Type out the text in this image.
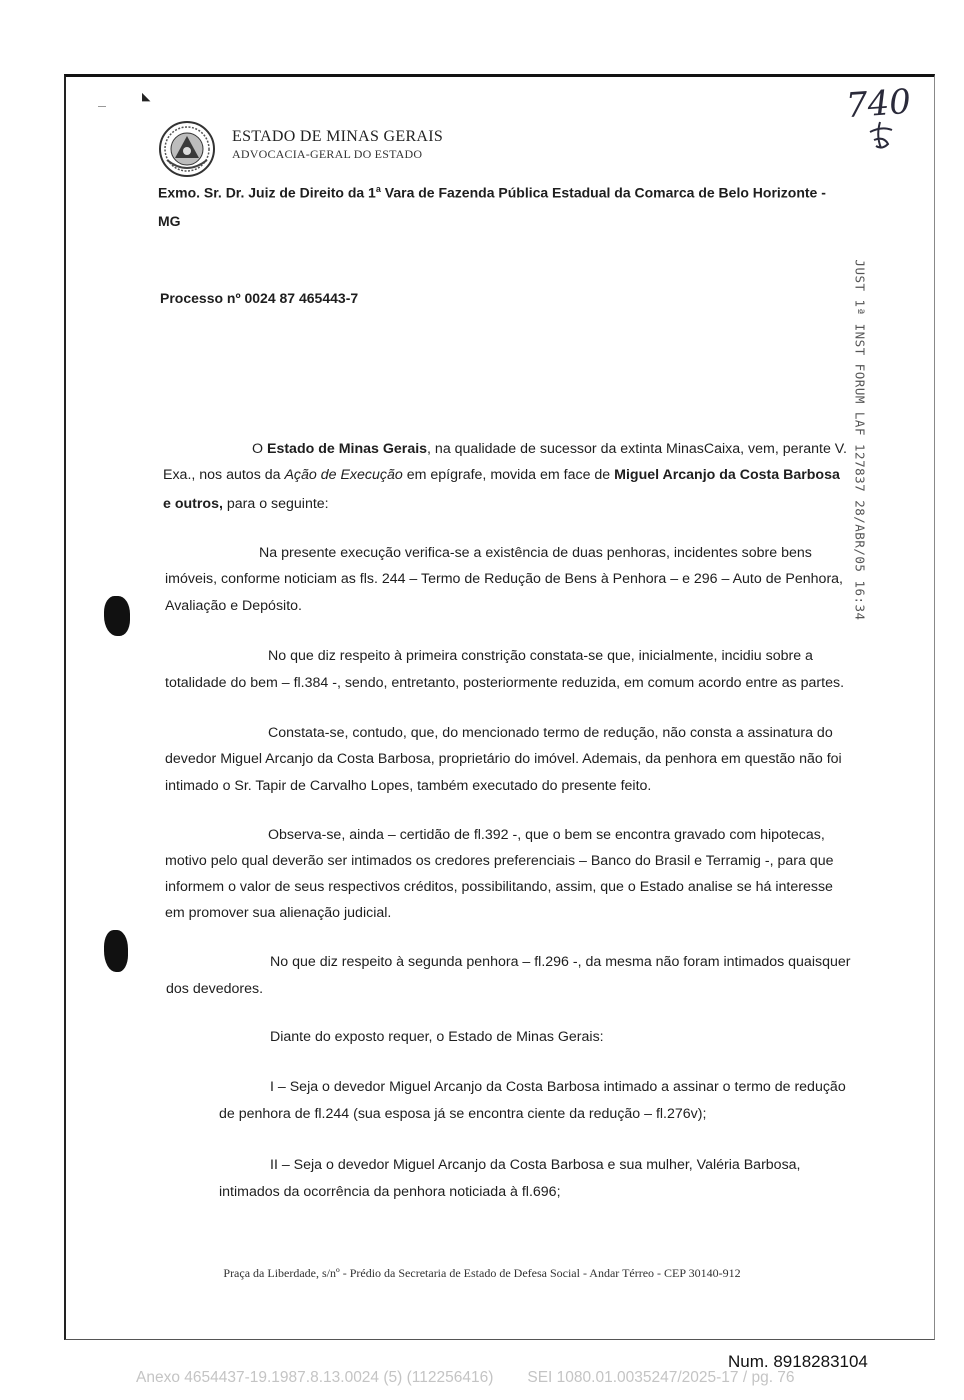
◣
ESTADO DE MINAS GERAIS
ADVOCACIA-GERAL DO ESTADO
740

Exmo. Sr. Dr. Juiz de Direito da 1$^a$ Vara de Fazenda Pública Estadual da Comarca de Belo Horizonte -

MG

Processo nº 0024 87 465443-7	JUST 1ª INST FORUM LAF 127837 28/ABR/05 16:34

O Estado de Minas Gerais, na qualidade de sucessor da extinta MinasCaixa, vem, perante V.

Exa., nos autos da Ação de Execução em epígrafe, movida em face de Miguel Arcanjo da Costa Barbosa

e outros, para o seguinte:

Na presente execução verifica-se a existência de duas penhoras, incidentes sobre bens

imóveis, conforme noticiam as fls. 244 – Termo de Redução de Bens à Penhora – e 296 – Auto de Penhora,

Avaliação e Depósito.

No que diz respeito à primeira constrição constata-se que, inicialmente, incidiu sobre a

totalidade do bem – fl.384 -, sendo, entretanto, posteriormente reduzida, em comum acordo entre as partes.

Constata-se, contudo, que, do mencionado termo de redução, não consta a assinatura do

devedor Miguel Arcanjo da Costa Barbosa, proprietário do imóvel. Ademais, da penhora em questão não foi

intimado o Sr. Tapir de Carvalho Lopes, também executado do presente feito.

Observa-se, ainda – certidão de fl.392 -, que o bem se encontra gravado com hipotecas,

motivo pelo qual deverão ser intimados os credores preferenciais – Banco do Brasil e Terramig -, para que

informem o valor de seus respectivos créditos, possibilitando, assim, que o Estado analise se há interesse

em promover sua alienação judicial.

No que diz respeito à segunda penhora – fl.296 -, da mesma não foram intimados quaisquer

dos devedores.

Diante do exposto requer, o Estado de Minas Gerais:

I – Seja o devedor Miguel Arcanjo da Costa Barbosa intimado a assinar o termo de redução

de penhora de fl.244 (sua esposa já se encontra ciente da redução – fl.276v);

II – Seja o devedor Miguel Arcanjo da Costa Barbosa e sua mulher, Valéria Barbosa,

intimados da ocorrência da penhora noticiada à fl.696;

Praça da Liberdade, s/nº - Prédio da Secretaria de Estado de Defesa Social - Andar Térreo - CEP 30140-912
Num. 8918283104
Anexo 4654437-19.1987.8.13.0024 (5) (112256416) SEI 1080.01.0035247/2025-17 / pg. 76
